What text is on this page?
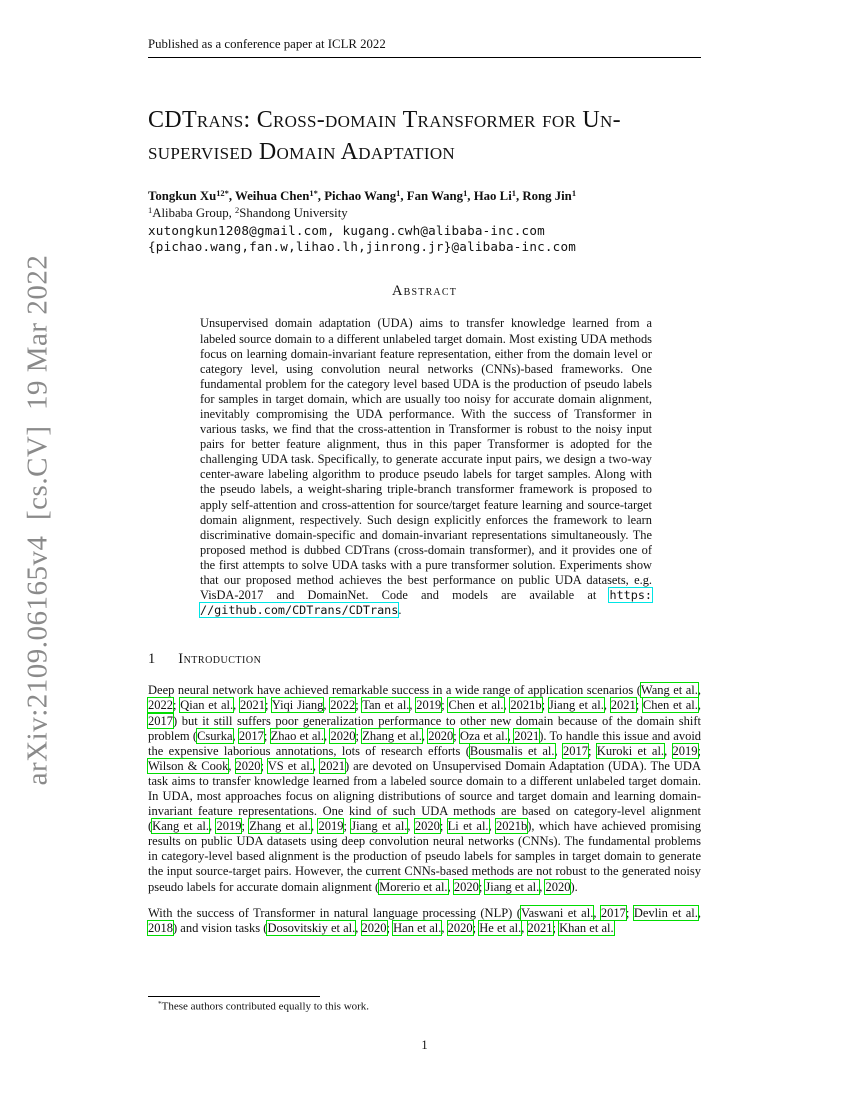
arXiv:2109.06165v4  [cs.CV]  19 Mar 2022
Published as a conference paper at ICLR 2022
CDTrans: Cross-domain Transformer for Un-
supervised Domain Adaptation
Tongkun $Xu^{12*}$, Weihua Chen$^{1*}$, Pichao Wang$^1$, Fan Wang$^1$, Hao Li$^1$, Rong Jin$^1$
$^1$Alibaba Group, $^2$Shandong University
xutongkun1208@gmail.com, kugang.cwh@alibaba-inc.com
{pichao.wang,fan.w,lihao.lh,jinrong.jr}@alibaba-inc.com
Abstract
Unsupervised domain adaptation (UDA) aims to transfer knowledge learned from a labeled source domain to a different unlabeled target domain. Most existing UDA methods focus on learning domain-invariant feature representation, either from the domain level or category level, using convolution neural networks (CNNs)-based frameworks. One fundamental problem for the category level based UDA is the production of pseudo labels for samples in target domain, which are usually too noisy for accurate domain alignment, inevitably compromising the UDA performance. With the success of Transformer in various tasks, we find that the cross-attention in Transformer is robust to the noisy input pairs for better feature alignment, thus in this paper Transformer is adopted for the challenging UDA task. Specifically, to generate accurate input pairs, we design a two-way center-aware labeling algorithm to produce pseudo labels for target samples. Along with the pseudo labels, a weight-sharing triple-branch transformer framework is proposed to apply self-attention and cross-attention for source/target feature learning and source-target domain alignment, respectively. Such design explicitly enforces the framework to learn discriminative domain-specific and domain-invariant representations simultaneously. The proposed method is dubbed CDTrans (cross-domain transformer), and it provides one of the first attempts to solve UDA tasks with a pure transformer solution. Experiments show that our proposed method achieves the best performance on public UDA datasets, e.g. VisDA-2017 and DomainNet. Code and models are available at https://github.com/CDTrans/CDTrans.
1 Introduction
Deep neural network have achieved remarkable success in a wide range of application scenarios (Wang et al., 2022; Qian et al., 2021; Yiqi Jiang, 2022; Tan et al., 2019; Chen et al., 2021b; Jiang et al., 2021; Chen et al., 2017) but it still suffers poor generalization performance to other new domain because of the domain shift problem (Csurka, 2017; Zhao et al., 2020; Zhang et al., 2020; Oza et al., 2021). To handle this issue and avoid the expensive laborious annotations, lots of research efforts (Bousmalis et al., 2017; Kuroki et al., 2019; Wilson & Cook, 2020; VS et al., 2021) are devoted on Unsupervised Domain Adaptation (UDA). The UDA task aims to transfer knowledge learned from a labeled source domain to a different unlabeled target domain. In UDA, most approaches focus on aligning distributions of source and target domain and learning domain-invariant feature representations. One kind of such UDA methods are based on category-level alignment (Kang et al., 2019; Zhang et al., 2019; Jiang et al., 2020; Li et al., 2021b), which have achieved promising results on public UDA datasets using deep convolution neural networks (CNNs). The fundamental problems in category-level based alignment is the production of pseudo labels for samples in target domain to generate the input source-target pairs. However, the current CNNs-based methods are not robust to the generated noisy pseudo labels for accurate domain alignment (Morerio et al., 2020; Jiang et al., 2020).
With the success of Transformer in natural language processing (NLP) (Vaswani et al., 2017; Devlin et al., 2018) and vision tasks (Dosovitskiy et al., 2020; Han et al., 2020; He et al., 2021; Khan et al.
*These authors contributed equally to this work.
1
